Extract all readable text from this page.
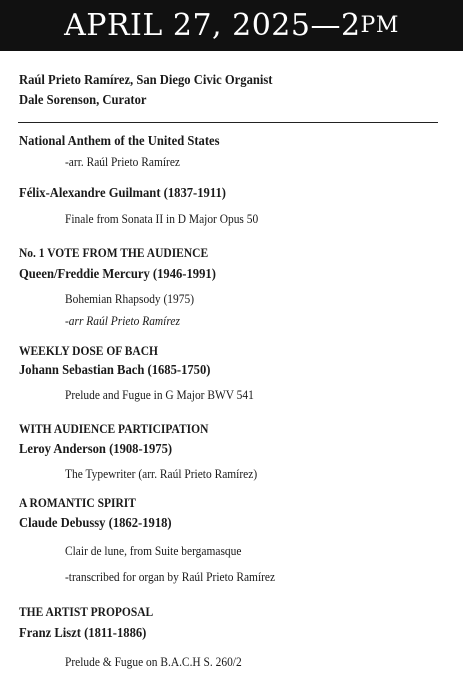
APRIL 27, 2025—2 PM
Raúl Prieto Ramírez, San Diego Civic Organist
Dale Sorenson, Curator
National Anthem of the United States
-arr. Raúl Prieto Ramírez
Félix-Alexandre Guilmant (1837-1911)
Finale from Sonata II in D Major Opus 50
No. 1 VOTE FROM THE AUDIENCE
Queen/Freddie Mercury (1946-1991)
Bohemian Rhapsody (1975)
-arr Raúl Prieto Ramírez
WEEKLY DOSE OF BACH
Johann Sebastian Bach (1685-1750)
Prelude and Fugue in G Major BWV 541
WITH AUDIENCE PARTICIPATION
Leroy Anderson (1908-1975)
The Typewriter (arr. Raúl Prieto Ramírez)
A ROMANTIC SPIRIT
Claude Debussy (1862-1918)
Clair de lune, from Suite bergamasque
-transcribed for organ by Raúl Prieto Ramírez
THE ARTIST PROPOSAL
Franz Liszt (1811-1886)
Prelude & Fugue on B.A.C.H S. 260/2
